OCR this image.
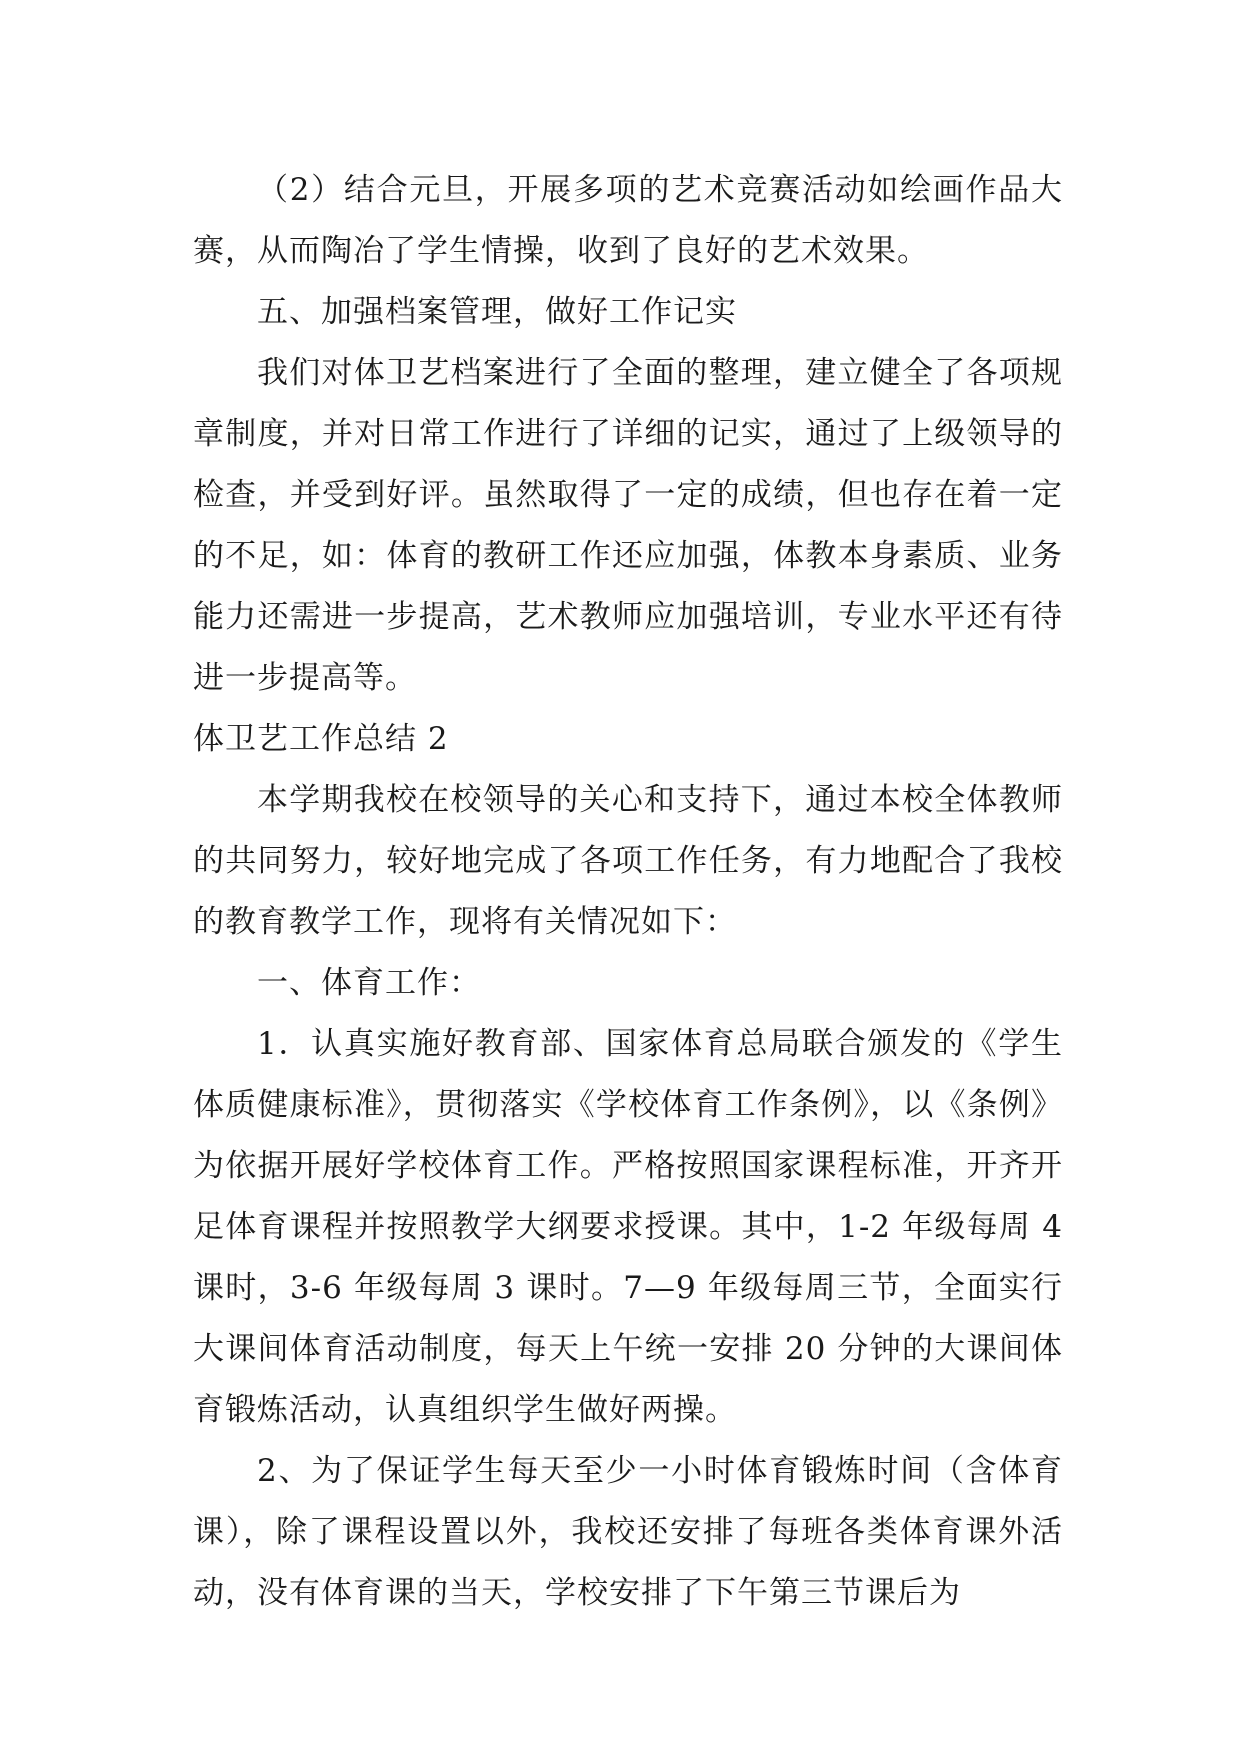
（2）结合元旦，开展多项的艺术竞赛活动如绘画作品大赛，从而陶冶了学生情操，收到了良好的艺术效果。

五、加强档案管理，做好工作记实

我们对体卫艺档案进行了全面的整理，建立健全了各项规章制度，并对日常工作进行了详细的记实，通过了上级领导的检查，并受到好评。虽然取得了一定的成绩，但也存在着一定的不足，如：体育的教研工作还应加强，体教本身素质、业务能力还需进一步提高，艺术教师应加强培训，专业水平还有待进一步提高等。

体卫艺工作总结 2

本学期我校在校领导的关心和支持下，通过本校全体教师的共同努力，较好地完成了各项工作任务，有力地配合了我校的教育教学工作，现将有关情况如下：

一、体育工作：

1．认真实施好教育部、国家体育总局联合颁发的《学生体质健康标准》，贯彻落实《学校体育工作条例》，以《条例》为依据开展好学校体育工作。严格按照国家课程标准，开齐开足体育课程并按照教学大纲要求授课。其中，1-2 年级每周 4 课时，3-6 年级每周 3 课时。7—9 年级每周三节，全面实行大课间体育活动制度，每天上午统一安排 20 分钟的大课间体育锻炼活动，认真组织学生做好两操。

2、为了保证学生每天至少一小时体育锻炼时间（含体育课），除了课程设置以外，我校还安排了每班各类体育课外活动，没有体育课的当天，学校安排了下午第三节课后为
